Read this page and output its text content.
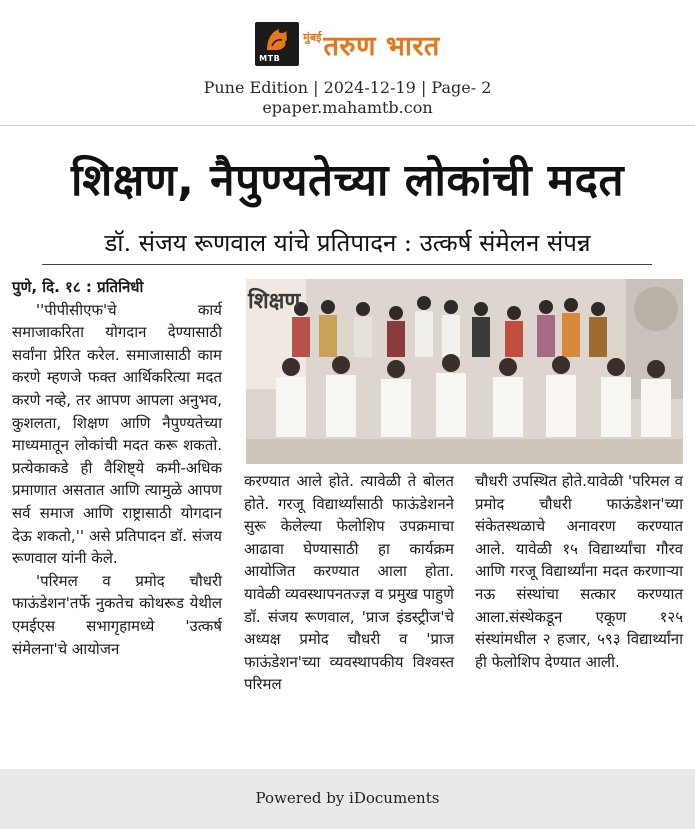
MTB
मुंबई तरुण भारत
Pune Edition | 2024-12-19 | Page- 2
epaper.mahamtb.con
शिक्षण, नैपुण्यतेच्या लोकांची मदत
डॉ. संजय रूणवाल यांचे प्रतिपादन : उत्कर्ष संमेलन संपन्न

पुणे, दि. १८ : प्रतिनिधी

''पीपीसीएफ'चे कार्य समाजाकरिता योगदान देण्यासाठी सर्वांना प्रेरित करेल. समाजासाठी काम करणे म्हणजे फक्त आर्थिकरित्या मदत करणे नव्हे, तर आपण आपला अनुभव, कुशलता, शिक्षण आणि नैपुण्यतेच्या माध्यमातून लोकांची मदत करू शकतो. प्रत्येकाकडे ही वैशिष्ट्ये कमी-अधिक प्रमाणात असतात आणि त्यामुळे आपण सर्व समाज आणि राष्ट्रासाठी योगदान देऊ शकतो,'' असे प्रतिपादन डॉ. संजय रूणवाल यांनी केले.

'परिमल व प्रमोद चौधरी फाऊंडेशन'तर्फे नुकतेच कोथरूड येथील एमईएस सभागृहामध्ये 'उत्कर्ष संमेलना'चे आयोजन

शिक्षण

करण्यात आले होते. त्यावेळी ते बोलत होते. गरजू विद्यार्थ्यांसाठी फाऊंडेशनने सुरू केलेल्या फेलोशिप उपक्रमाचा आढावा घेण्यासाठी हा कार्यक्रम आयोजित करण्यात आला होता. यावेळी व्यवस्थापनतज्ज्ञ व प्रमुख पाहुणे डॉ. संजय रूणवाल, 'प्राज इंडस्ट्रीज'चे अध्यक्ष प्रमोद चौधरी व 'प्राज फाऊंडेशन'च्या व्यवस्थापकीय विश्वस्त परिमल

चौधरी उपस्थित होते.यावेळी 'परिमल व प्रमोद चौधरी फाऊंडेशन'च्या संकेतस्थळाचे अनावरण करण्यात आले. यावेळी १५ विद्यार्थ्यांचा गौरव आणि गरजू विद्यार्थ्यांना मदत करणाऱ्या नऊ संस्थांचा सत्कार करण्यात आला.संस्थेकडून एकूण १२५ संस्थांमधील २ हजार, ५९३ विद्यार्थ्यांना ही फेलोशिप देण्यात आली.

Powered by iDocuments
